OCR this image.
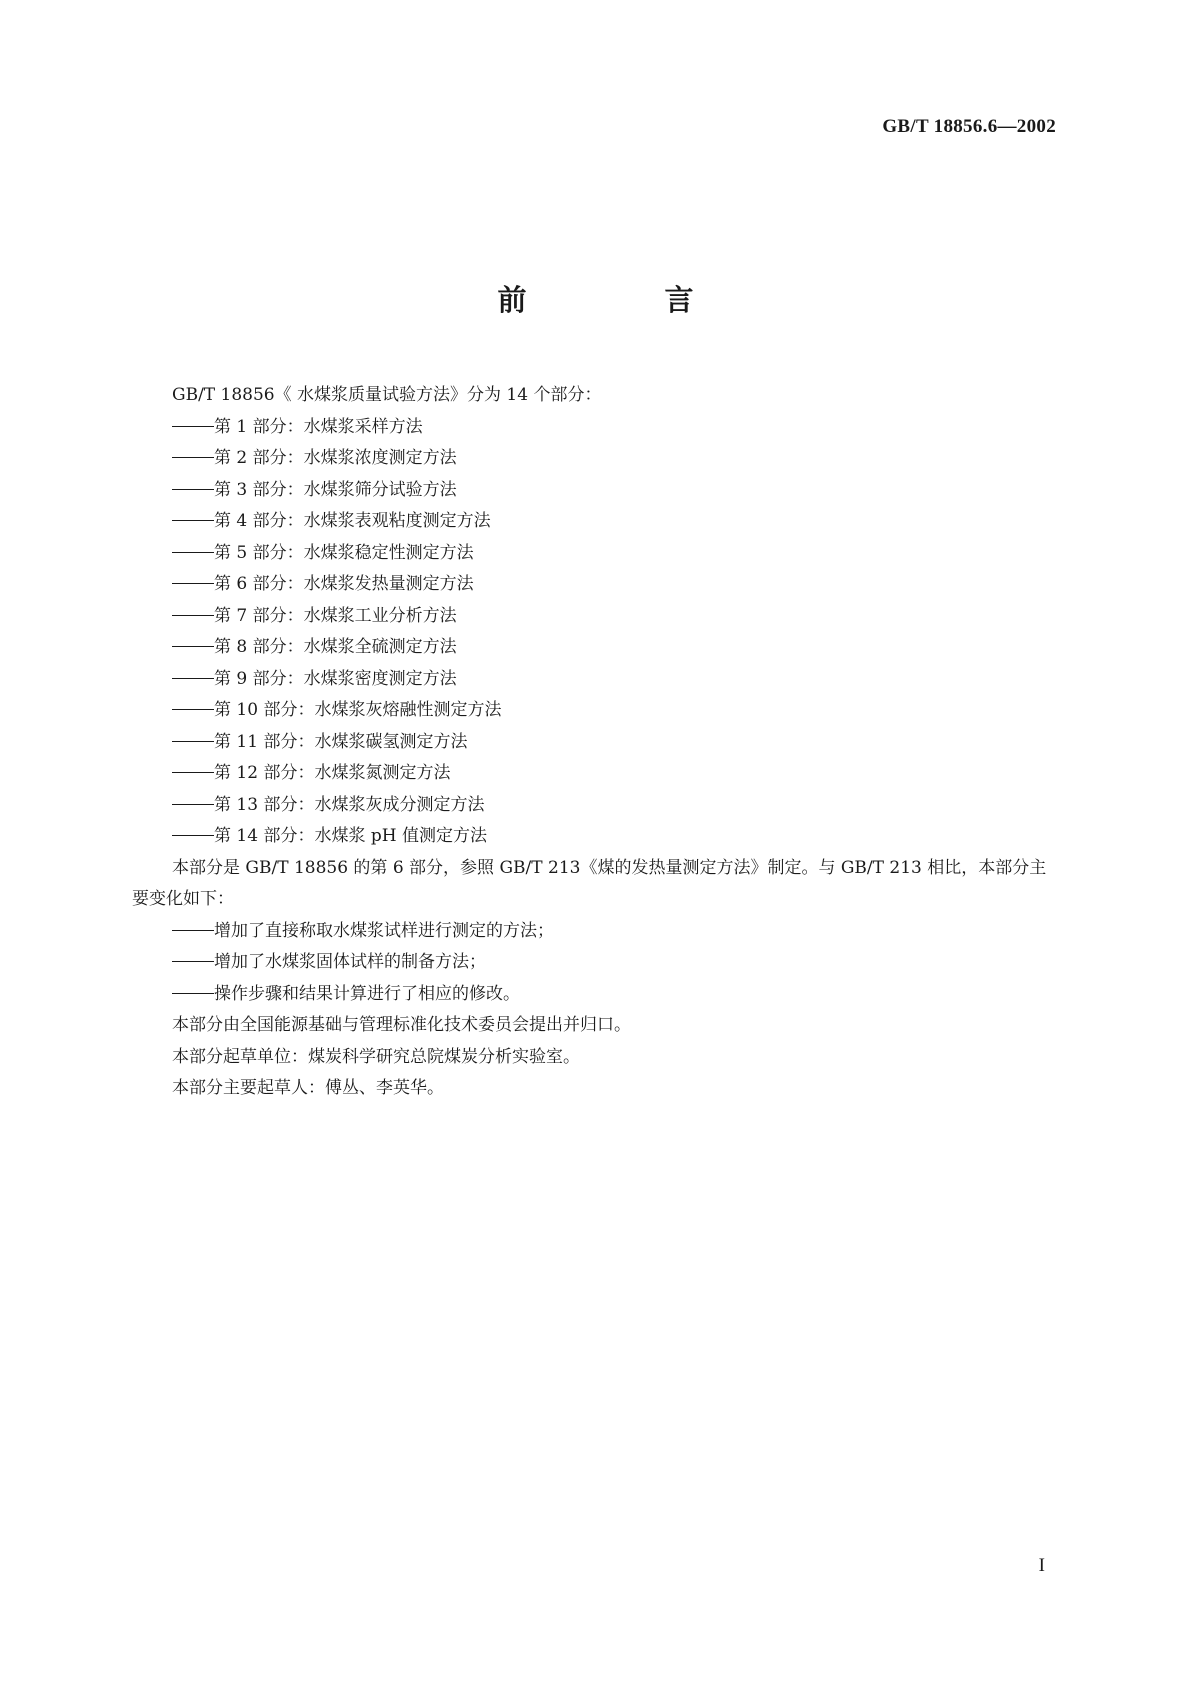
GB/T 18856.6—2002
前 言

GB/T 18856《 水煤浆质量试验方法》分为 14 个部分：

第 1 部分：水煤浆采样方法

第 2 部分：水煤浆浓度测定方法

第 3 部分：水煤浆筛分试验方法

第 4 部分：水煤浆表观粘度测定方法

第 5 部分：水煤浆稳定性测定方法

第 6 部分：水煤浆发热量测定方法

第 7 部分：水煤浆工业分析方法

第 8 部分：水煤浆全硫测定方法

第 9 部分：水煤浆密度测定方法

第 10 部分：水煤浆灰熔融性测定方法

第 11 部分：水煤浆碳氢测定方法

第 12 部分：水煤浆氮测定方法

第 13 部分：水煤浆灰成分测定方法

第 14 部分：水煤浆 pH 值测定方法

本部分是 GB/T 18856 的第 6 部分，参照 GB/T 213《煤的发热量测定方法》制定。与 GB/T 213 相比，本部分主要变化如下：

增加了直接称取水煤浆试样进行测定的方法；

增加了水煤浆固体试样的制备方法；

操作步骤和结果计算进行了相应的修改。

本部分由全国能源基础与管理标准化技术委员会提出并归口。

本部分起草单位：煤炭科学研究总院煤炭分析实验室。

本部分主要起草人：傅丛、李英华。

I
